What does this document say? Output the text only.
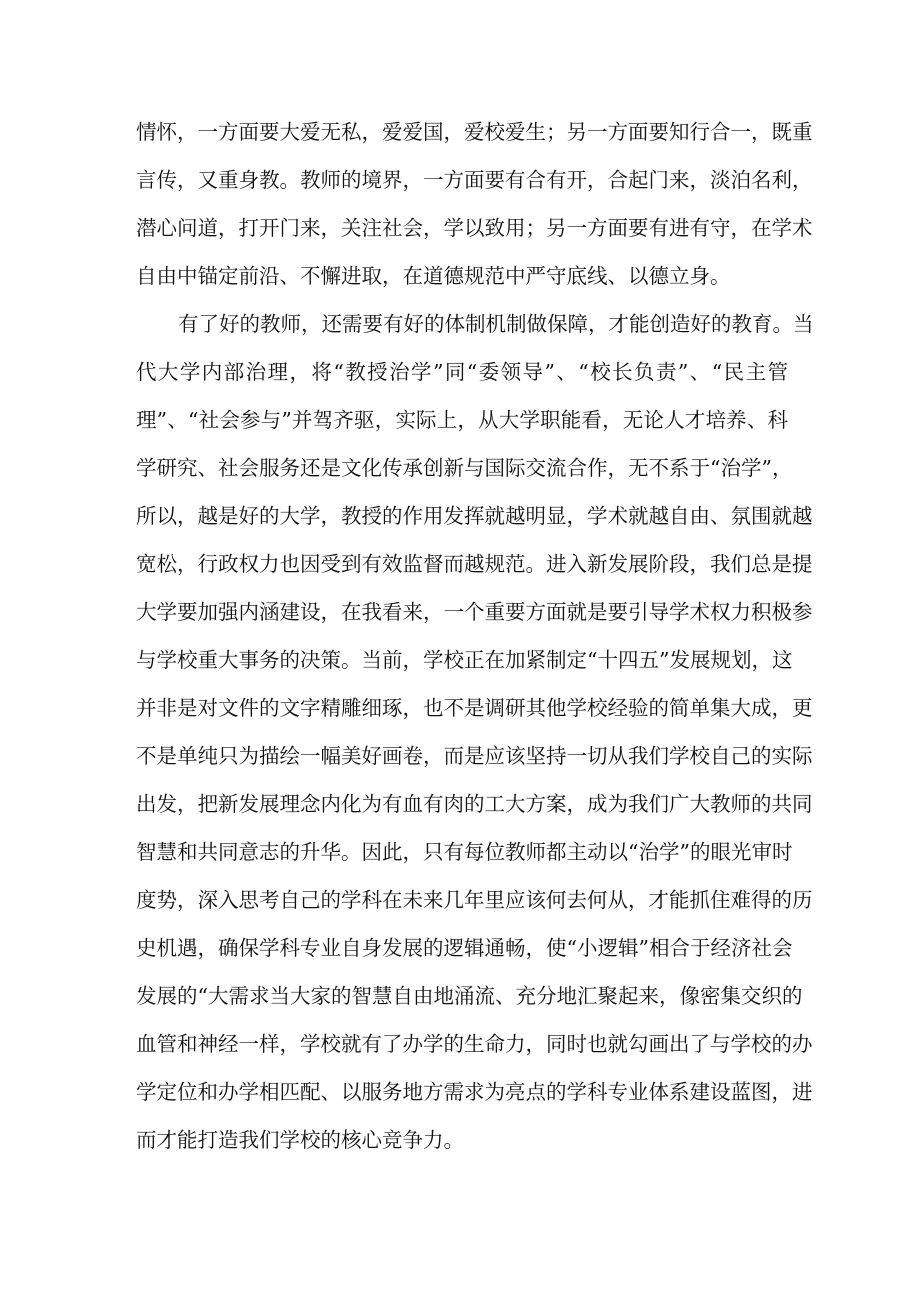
情怀，一方面要大爱无私，爱爱国，爱校爱生；另一方面要知行合一，既重
言传，又重身教。教师的境界，一方面要有合有开，合起门来，淡泊名利，
潜心问道，打开门来，关注社会，学以致用；另一方面要有进有守，在学术
自由中锚定前沿、不懈进取，在道德规范中严守底线、以德立身。
有了好的教师，还需要有好的体制机制做保障，才能创造好的教育。当
代大学内部治理，将“教授治学”同“委领导”、“校长负责”、“民主管
理”、“社会参与”并驾齐驱，实际上，从大学职能看，无论人才培养、科
学研究、社会服务还是文化传承创新与国际交流合作，无不系于“治学”，
所以，越是好的大学，教授的作用发挥就越明显，学术就越自由、氛围就越
宽松，行政权力也因受到有效监督而越规范。进入新发展阶段，我们总是提
大学要加强内涵建设，在我看来，一个重要方面就是要引导学术权力积极参
与学校重大事务的决策。当前，学校正在加紧制定“十四五”发展规划，这
并非是对文件的文字精雕细琢，也不是调研其他学校经验的简单集大成，更
不是单纯只为描绘一幅美好画卷，而是应该坚持一切从我们学校自己的实际
出发，把新发展理念内化为有血有肉的工大方案，成为我们广大教师的共同
智慧和共同意志的升华。因此，只有每位教师都主动以“治学”的眼光审时
度势，深入思考自己的学科在未来几年里应该何去何从，才能抓住难得的历
史机遇，确保学科专业自身发展的逻辑通畅，使“小逻辑”相合于经济社会
发展的“大需求当大家的智慧自由地涌流、充分地汇聚起来，像密集交织的
血管和神经一样，学校就有了办学的生命力，同时也就勾画出了与学校的办
学定位和办学相匹配、以服务地方需求为亮点的学科专业体系建设蓝图，进
而才能打造我们学校的核心竞争力。
